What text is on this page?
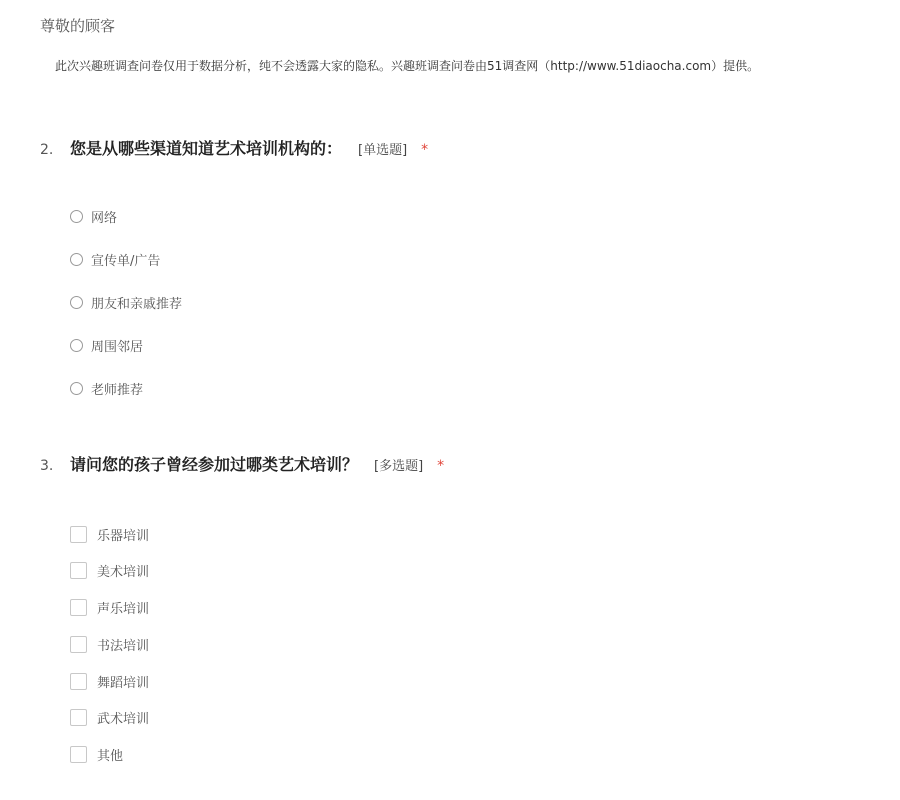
尊敬的顾客
此次兴趣班调查问卷仅用于数据分析，纯不会透露大家的隐私。兴趣班调查问卷由51调查网（http://www.51diaocha.com）提供。
2.	您是从哪些渠道知道艺术培训机构的： [单选题] *
网络
宣传单/广告
朋友和亲戚推荐
周围邻居
老师推荐
3.	请问您的孩子曾经参加过哪类艺术培训？ [多选题] *
乐器培训
美术培训
声乐培训
书法培训
舞蹈培训
武术培训
其他
